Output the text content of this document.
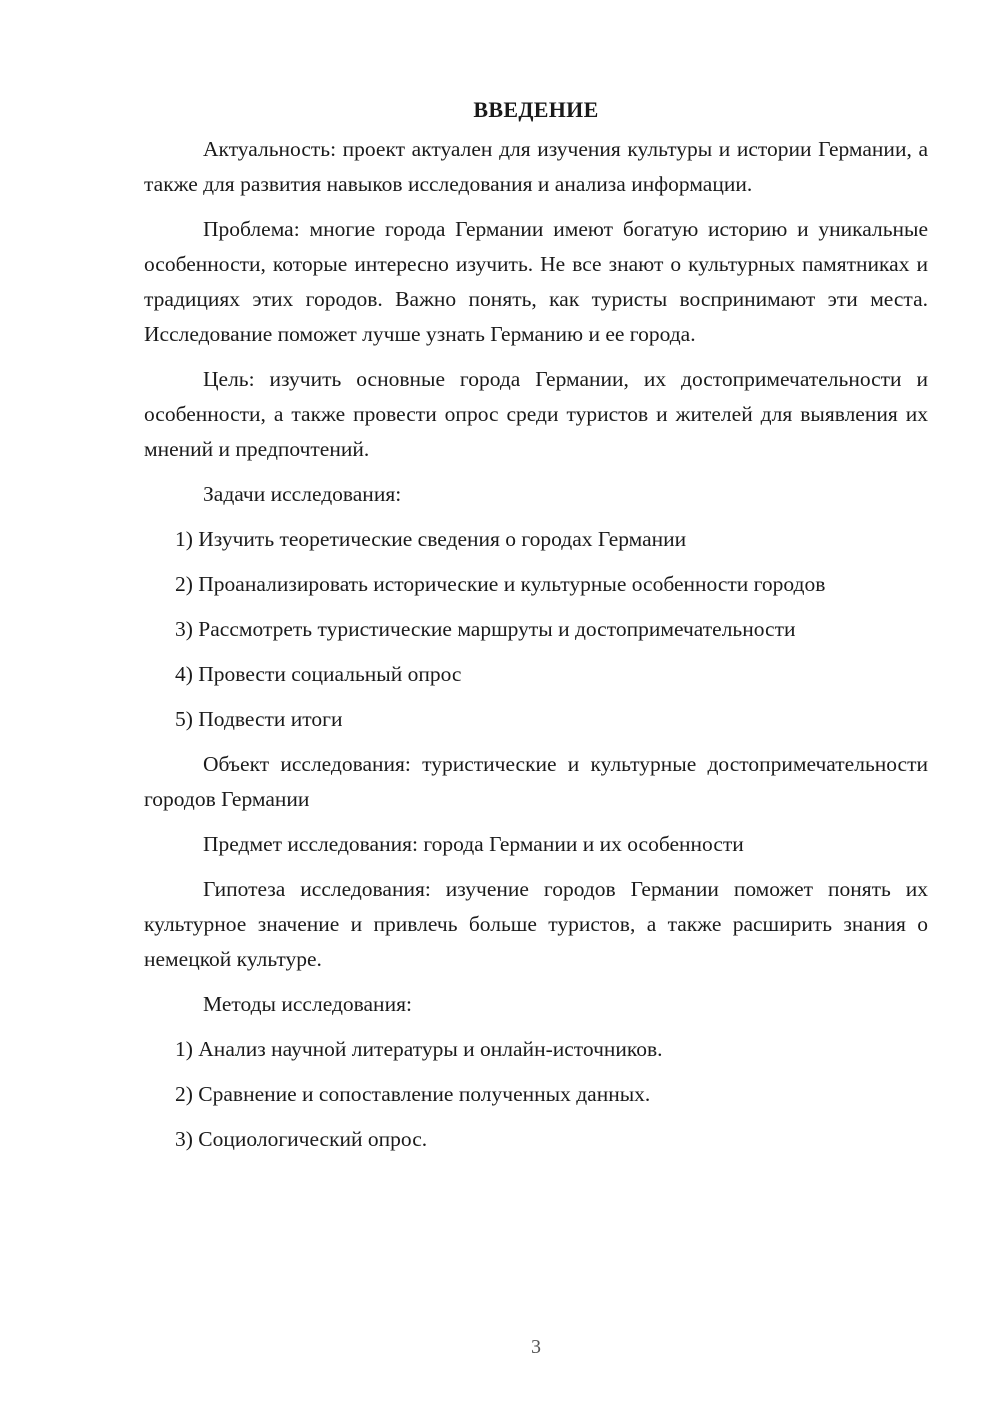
ВВЕДЕНИЕ

Актуальность: проект актуален для изучения культуры и истории Германии, а также для развития навыков исследования и анализа информации.

Проблема: многие города Германии имеют богатую историю и уникальные особенности, которые интересно изучить. Не все знают о культурных памятниках и традициях этих городов. Важно понять, как туристы воспринимают эти места. Исследование поможет лучше узнать Германию и ее города.

Цель: изучить основные города Германии, их достопримечательности и особенности, а также провести опрос среди туристов и жителей для выявления их мнений и предпочтений.

Задачи исследования:

1) Изучить теоретические сведения о городах Германии

2) Проанализировать исторические и культурные особенности городов

3) Рассмотреть туристические маршруты и достопримечательности

4) Провести социальный опрос

5) Подвести итоги

Объект исследования: туристические и культурные достопримечательности городов Германии

Предмет исследования: города Германии и их особенности

Гипотеза исследования: изучение городов Германии поможет понять их культурное значение и привлечь больше туристов, а также расширить знания о немецкой культуре.

Методы исследования:

1) Анализ научной литературы и онлайн-источников.

2) Сравнение и сопоставление полученных данных.

3) Социологический опрос.

3
